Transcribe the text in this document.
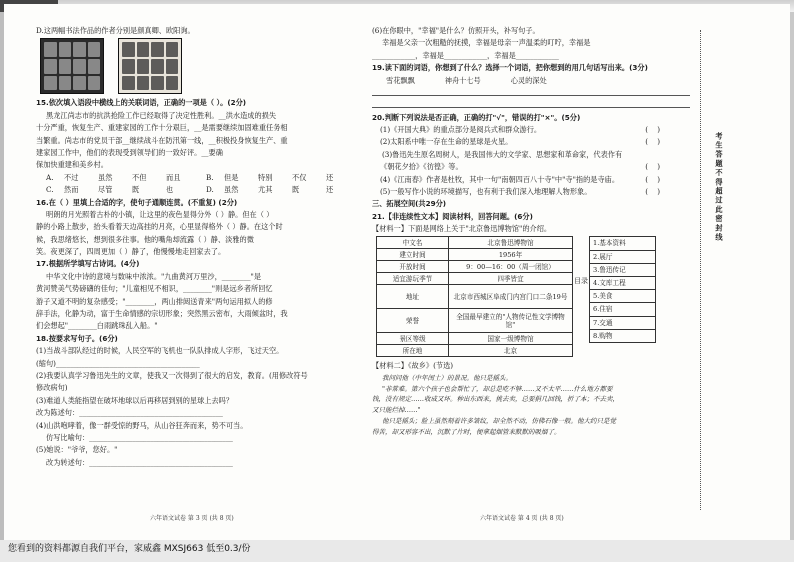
D.这两幅书法作品的作者分别是颜真卿、欧阳询。
15.依次填入语段中横线上的关联词语，正确的一项是（ ）。(2分)
黑龙江尚志市的抗洪抢险工作已经取得了决定性胜利。__洪水造成的损失
十分严重，恢复生产、重建家园的工作十分艰巨，__是需要继续加固难重任务相
当繁重。尚志市的党员干部__继续战斗在防汛第一线，__积极投身恢复生产、重
建家园工作中，他们的表现受到领导们的一致好评。__要确
保加快重建和美乡村。
A.	不过	虽然	不但	而且	B.	但是	特别	不仅	还
C.	然而	尽管	既	也	D.	虽然	尤其	既	还
16.在（ ）里填上合适的字，使句子通顺连贯。(不重复) (2分)
明朗的月光照着古朴的小镇，让这里的夜色显得分外（ ）静。但在（ ）
静的小路上散步，抬头看着天边高挂的月亮，心里显得格外（ ）静。在这个时
候，我思绪悠长，想到很多往事。他的嘴角却流露（ ）静、淡雅的微
笑。夜更深了，四周更加（ ）静了，他慢慢地走回家去了。
17.根据所学填写古诗词。(4分)
中华文化中诗的意境与数味中浓浓。"九曲黄河万里沙，________"是
黄河赞美气势磅礴的佳句；"儿童相见不相识，________"则是远乡者所回忆
游子又道不明的复杂感受；"________，两山排闼送青来"两句运用拟人的修
辞手法，化静为动，富于生命情感的宗切形象；突然黑云密布，大雨倾盆时，我
们会想起"________白雨跳珠乱入船。"
18.按要求写句子。(6分)
(1)当战斗部队经过的时候，人民空军的飞机也一队队排成人字形，飞过天空。
(缩句)________________________________________
(2)我要认真学习鲁迅先生的文章，使我又一次得到了很大的启发，教育。(用修改符号
修改病句)
(3)难道人类能指望在破坏地球以后再移居到别的星球上去吗？
改为陈述句：________________________________________
(4)山洪咆哮着，像一群受惊的野马，从山谷狂奔而来，势不可当。
仿写比喻句：________________________________________
(5)她说："爷爷，您好。"
改为转述句：________________________________________
六年语文试卷 第 3 页 (共 8 页)
(6)在你眼中，"幸福"是什么？仿照开头，补写句子。
幸福是父亲一次粗糙的抚摸，幸福是母亲一声温柔的叮咛，幸福是
____________，幸福是____________，幸福是____________
19.读下面的词语，你想到了什么？选择一个词语，把你想到的用几句话写出来。(3分)
雪花飘飘	神舟十七号	心灵的深处
20.判断下列说法是否正确，正确的打"√"，错误的打"×"。(5分)
(1)《开国大典》的重点部分是阅兵式和群众游行。	(    )
(2)太阳系中唯一存在生命的星球是火星。	(    )
(3)鲁迅先生原名周树人，是我国伟大的文学家、思想家和革命家，代表作有
《朝花夕拾》《彷徨》等。	(    )
(4)《江南春》作者是杜牧，其中一句"南朝四百八十寺"中"寺"指的是寺庙。	(    )
(5)一般写作小说的环境描写，也有利于我们深入地理解人物形象。	(    )
三、拓展空间(共29分)
21.【非连续性文本】阅读材料，回答问题。(6分)
【材料一】下面是网络上关于"北京鲁迅博物馆"的介绍。
中文名	北京鲁迅博物馆
建立时间	1956年
开放时间	9：00—16：00（周一闭馆）
适宜游玩季节	四季皆宜
地址	北京市西城区阜成门内宫门口二条19号
荣誉	全国最早建立的"人物传记性文学博物馆"
景区等级	国家一级博物馆
所在地	北京
目录
1.基本资料
2.展厅
3.鲁迅传记
4.文库工程
5.美食
6.住宿
7.交通
8.购物
【材料二】《故乡》(节选)
我问问他（中年闰土）的景况。他只是摇头。
"非常难。第六个孩子也会帮忙了，却总是吃不够……又不太平……什么地方都要
钱，没有规定……收成又坏。种出东西来，挑去卖，总要捐几回钱，折了本；不去卖，
又只能烂掉……"
他只是摇头；脸上虽然刻着许多皱纹，却全然不动，仿佛石像一般。他大约只是觉
得苦，却又形容不出，沉默了片时，便拿起烟管来默默的吸烟了。
六年语文试卷 第 4 页 (共 8 页)
考生答题不得超过此密封线
您看到的资料都源自我们平台，家威鑫 MXSJ663 低至0.3/份
